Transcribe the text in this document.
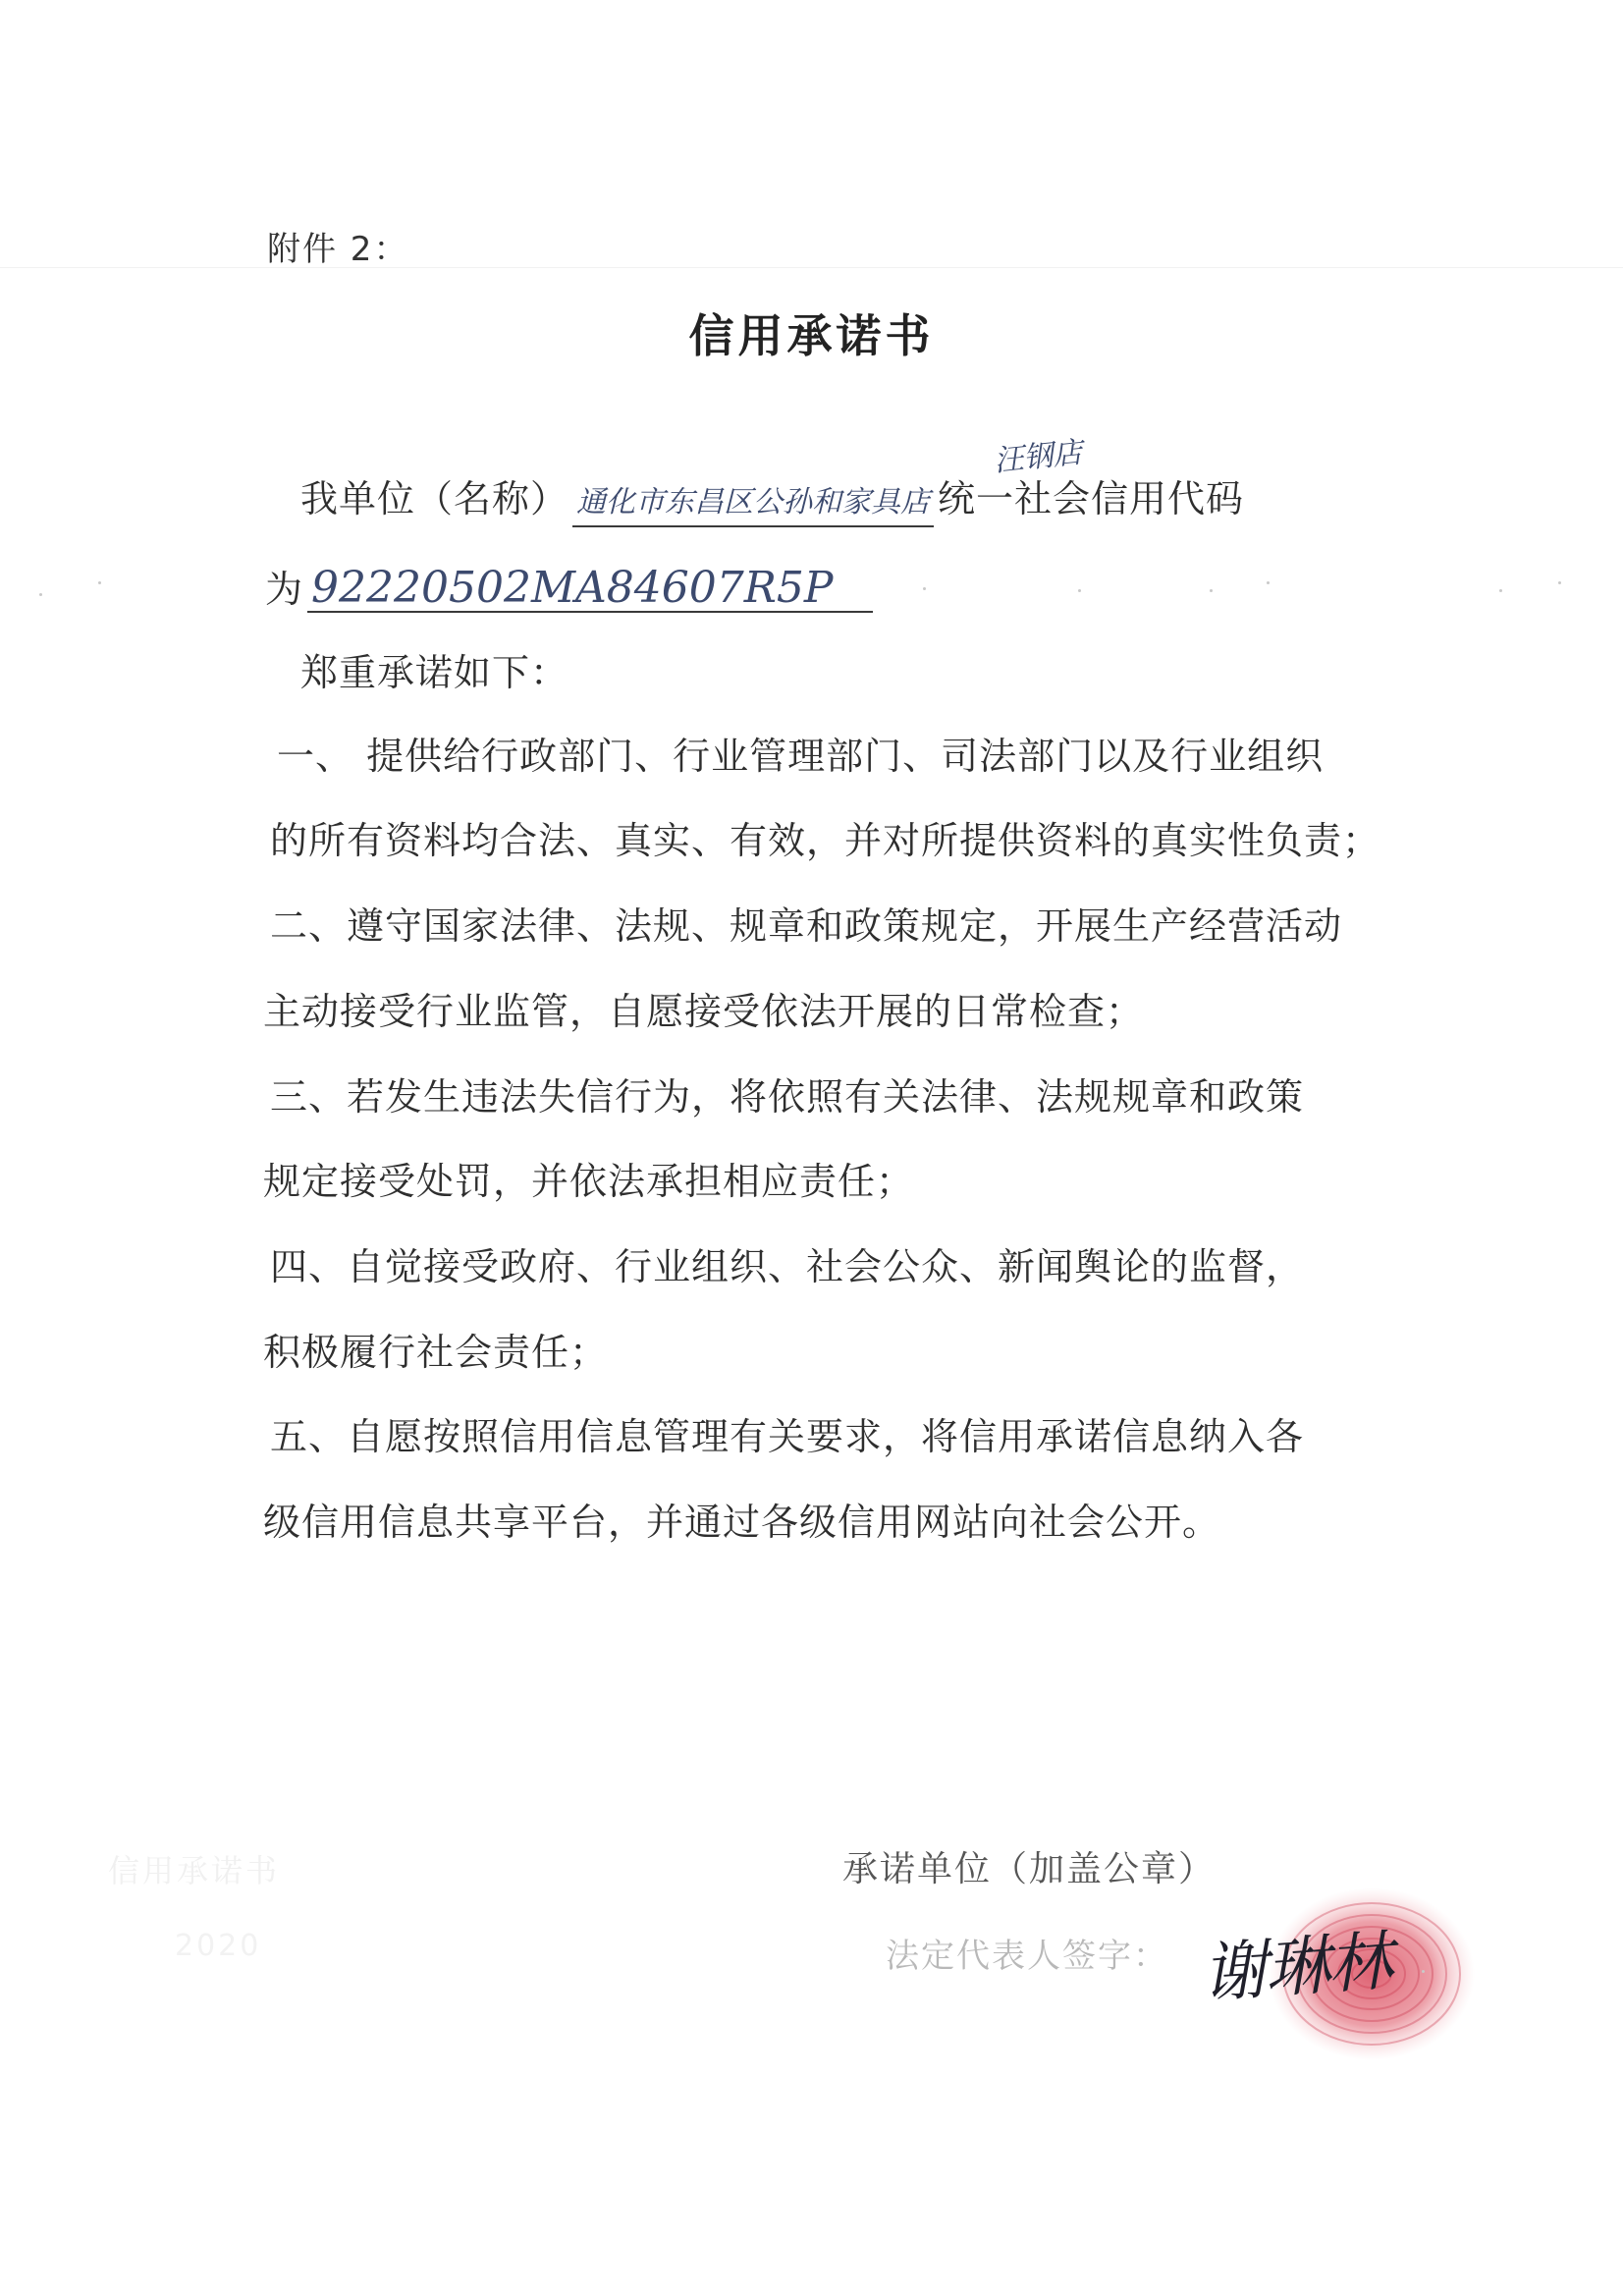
附件 2：
信用承诺书
我单位（名称） 通化市东昌区公孙和家具店 统一社会信用代码
汪钢店
为 92220502MA84607R5P
郑重承诺如下：
一、 提供给行政部门、行业管理部门、司法部门以及行业组织
的所有资料均合法、真实、有效，并对所提供资料的真实性负责；
二、遵守国家法律、法规、规章和政策规定，开展生产经营活动
主动接受行业监管，自愿接受依法开展的日常检查；
三、若发生违法失信行为，将依照有关法律、法规规章和政策
规定接受处罚，并依法承担相应责任；
四、自觉接受政府、行业组织、社会公众、新闻舆论的监督，
积极履行社会责任；
五、自愿按照信用信息管理有关要求，将信用承诺信息纳入各
级信用信息共享平台，并通过各级信用网站向社会公开。
信用承诺书
2020
承诺单位（加盖公章）
法定代表人签字： 谢琳林
